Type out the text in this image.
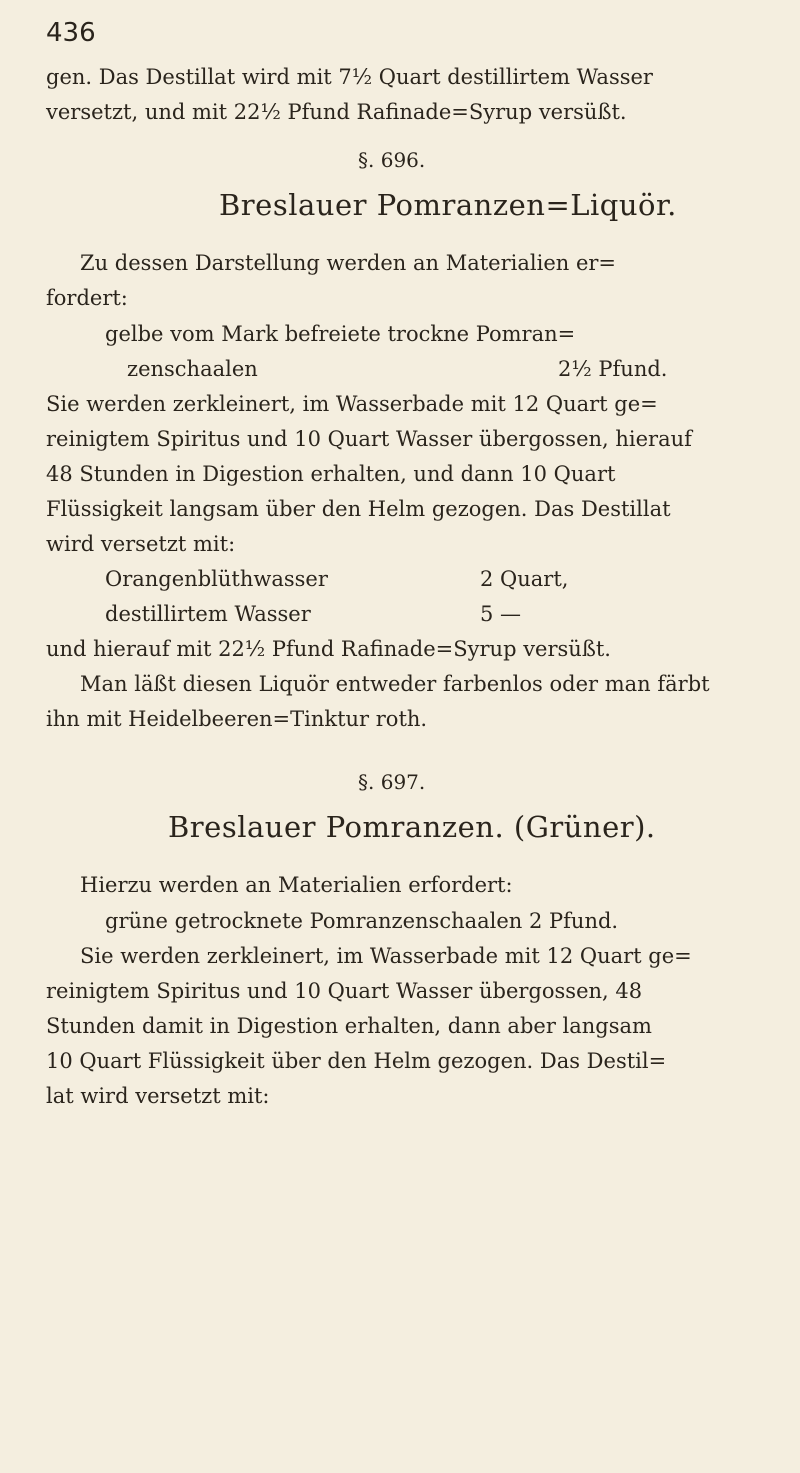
436
gen. Das Destillat wird mit 7½ Quart destillirtem Wasser
versetzt, und mit 22½ Pfund Rafinade=Syrup versüßt.
§. 696.
Breslauer Pomranzen=Liquör.
Zu dessen Darstellung werden an Materialien er=
fordert:
gelbe vom Mark befreiete trockne Pomran=
zenschaalen	2½ Pfund.
Sie werden zerkleinert, im Wasserbade mit 12 Quart ge=
reinigtem Spiritus und 10 Quart Wasser übergossen, hierauf
48 Stunden in Digestion erhalten, und dann 10 Quart
Flüssigkeit langsam über den Helm gezogen. Das Destillat
wird versetzt mit:
Orangenblüthwasser	2 Quart,
destillirtem Wasser	5 —
und hierauf mit 22½ Pfund Rafinade=Syrup versüßt.
Man läßt diesen Liquör entweder farbenlos oder man färbt
ihn mit Heidelbeeren=Tinktur roth.
§. 697.
Breslauer Pomranzen. (Grüner).
Hierzu werden an Materialien erfordert:
grüne getrocknete Pomranzenschaalen 2 Pfund.
Sie werden zerkleinert, im Wasserbade mit 12 Quart ge=
reinigtem Spiritus und 10 Quart Wasser übergossen, 48
Stunden damit in Digestion erhalten, dann aber langsam
10 Quart Flüssigkeit über den Helm gezogen. Das Destil=
lat wird versetzt mit:
